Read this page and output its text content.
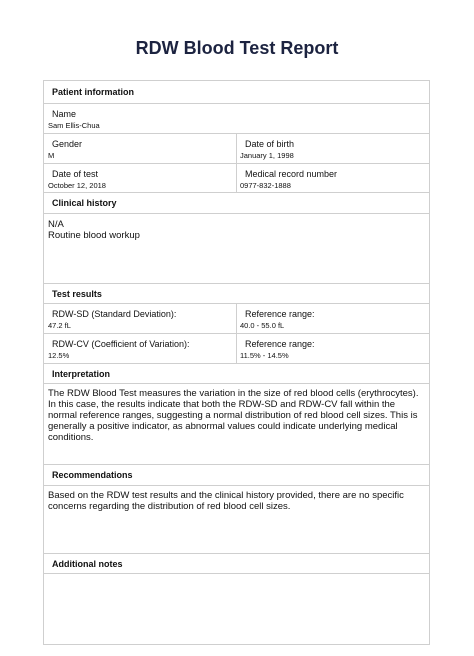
RDW Blood Test Report
Patient information
Name
Sam Ellis-Chua
Gender
M
Date of birth
January 1, 1998
Date of test
October 12, 2018
Medical record number
0977-832-1888
Clinical history
N/A
Routine blood workup
Test results
RDW-SD (Standard Deviation):
47.2 fL
Reference range:
40.0 - 55.0 fL
RDW-CV (Coefficient of Variation):
12.5%
Reference range:
11.5% - 14.5%
Interpretation
The RDW Blood Test measures the variation in the size of red blood cells (erythrocytes). In this case, the results indicate that both the RDW-SD and RDW-CV fall within the normal reference ranges, suggesting a normal distribution of red blood cell sizes. This is generally a positive indicator, as abnormal values could indicate underlying medical conditions.
Recommendations
Based on the RDW test results and the clinical history provided, there are no specific concerns regarding the distribution of red blood cell sizes.
Additional notes
